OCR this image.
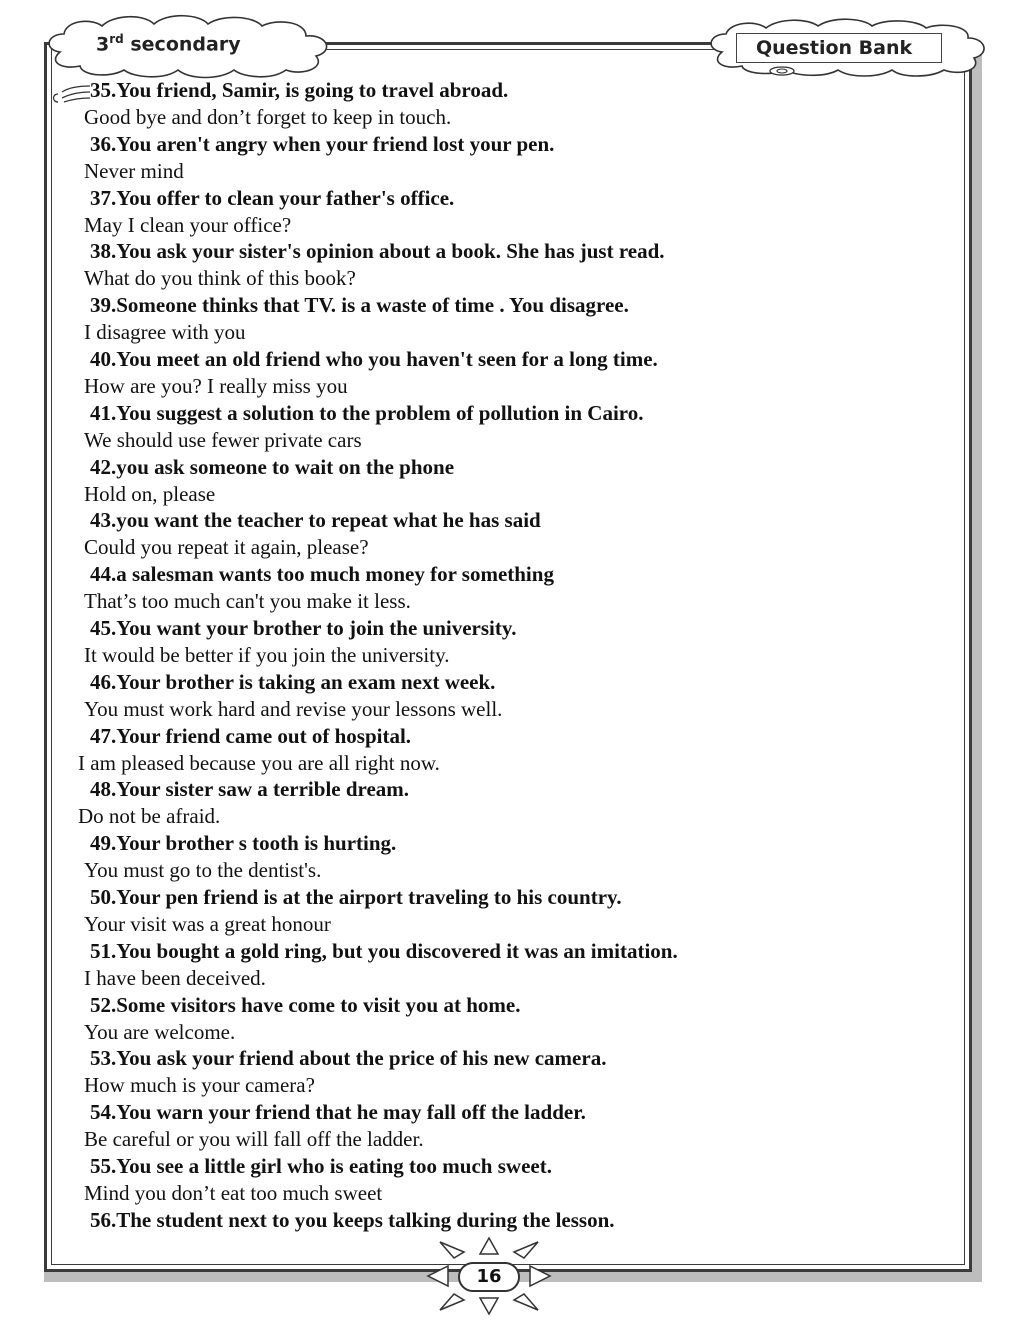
3rd secondary	Question Bank
35.You friend, Samir, is going to travel abroad.
Good bye and don’t forget to keep in touch.
36.You aren't angry when your friend lost your pen.
Never mind
37.You offer to clean your father's office.
May I clean your office?
38.You ask your sister's opinion about a book. She has just read.
What do you think of this book?
39.Someone thinks that TV. is a waste of time . You disagree.
I disagree with you
40.You meet an old friend who you haven't seen for a long time.
How are you? I really miss you
41.You suggest a solution to the problem of pollution in Cairo.
We should use fewer private cars
42.you ask someone to wait on the phone
Hold on, please
43.you want the teacher to repeat what he has said
Could you repeat it again, please?
44.a salesman wants too much money for something
That’s too much can't you make it less.
45.You want your brother to join the university.
It would be better if you join the university.
46.Your brother is taking an exam next week.
You must work hard and revise your lessons well.
47.Your friend came out of hospital.
I am pleased because you are all right now.
48.Your sister saw a terrible dream.
Do not be afraid.
49.Your brother s tooth is hurting.
You must go to the dentist's.
50.Your pen friend is at the airport traveling to his country.
Your visit was a great honour
51.You bought a gold ring, but you discovered it was an imitation.
I have been deceived.
52.Some visitors have come to visit you at home.
You are welcome.
53.You ask your friend about the price of his new camera.
How much is your camera?
54.You warn your friend that he may fall off the ladder.
Be careful or you will fall off the ladder.
55.You see a little girl who is eating too much sweet.
Mind you don’t eat too much sweet
56.The student next to you keeps talking during the lesson.
16
